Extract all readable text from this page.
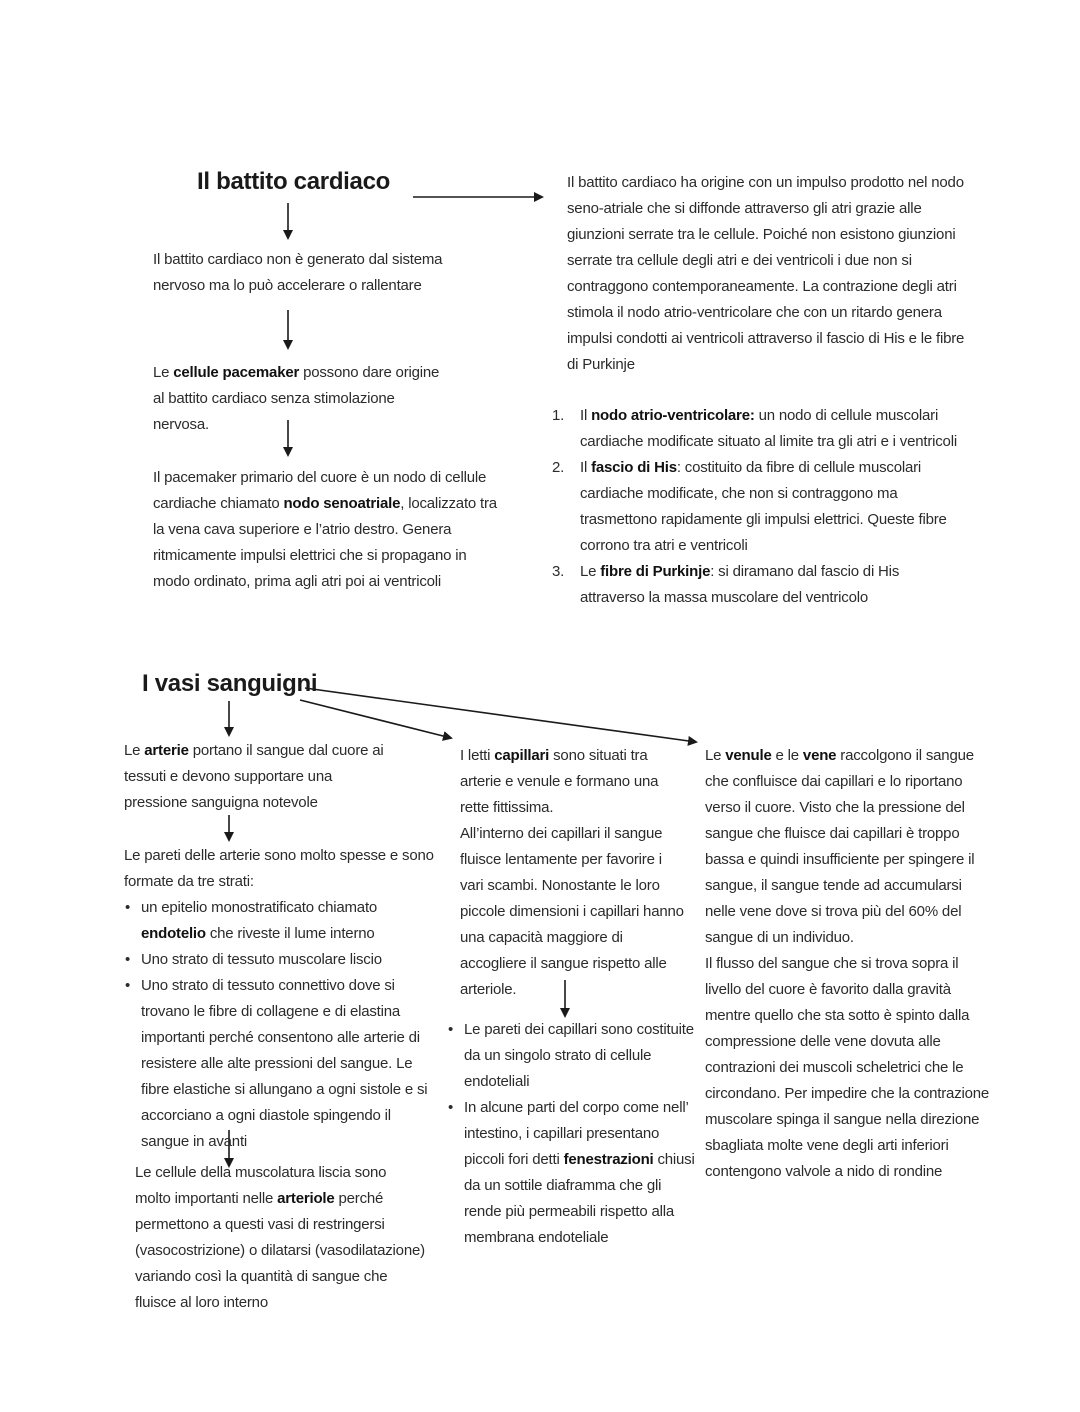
Il battito cardiaco
Il battito cardiaco non è generato dal sistema nervoso ma lo può accelerare o rallentare
Le cellule pacemaker possono dare origine al battito cardiaco senza stimolazione nervosa.
Il pacemaker primario del cuore è un nodo di cellule cardiache chiamato nodo senoatriale, localizzato tra la vena cava superiore e l’atrio destro. Genera ritmicamente impulsi elettrici che si propagano in modo ordinato, prima agli atri poi ai ventricoli
Il battito cardiaco ha origine con un impulso prodotto nel nodo seno-atriale che si diffonde attraverso gli atri grazie alle giunzioni serrate tra le cellule. Poiché non esistono giunzioni serrate tra cellule degli atri e dei ventricoli i due non si contraggono contemporaneamente. La contrazione degli atri stimola il nodo atrio-ventricolare che con un ritardo genera impulsi condotti ai ventricoli attraverso il fascio di His e le fibre di Purkinje
1. Il nodo atrio-ventricolare: un nodo di cellule muscolari cardiache modificate situato al limite tra gli atri e i ventricoli
2. Il fascio di His: costituito da fibre di cellule muscolari cardiache modificate, che non si contraggono ma trasmettono rapidamente gli impulsi elettrici. Queste fibre corrono tra atri e ventricoli
3. Le fibre di Purkinje: si diramano dal fascio di His attraverso la massa muscolare del ventricolo
I vasi sanguigni
Le arterie portano il sangue dal cuore ai tessuti e devono supportare una pressione sanguigna notevole
Le pareti delle arterie sono molto spesse e sono formate da tre strati:
• un epitelio monostratificato chiamato endotelio che riveste il lume interno
• Uno strato di tessuto muscolare liscio
• Uno strato di tessuto connettivo dove si trovano le fibre di collagene e di elastina importanti perché consentono alle arterie di resistere alle alte pressioni del sangue. Le fibre elastiche si allungano a ogni sistole e si accorciano a ogni diastole spingendo il sangue in avanti
Le cellule della muscolatura liscia sono molto importanti nelle arteriole perché permettono a questi vasi di restringersi (vasocostrizione) o dilatarsi (vasodilatazione) variando così la quantità di sangue che fluisce al loro interno
I letti capillari sono situati tra arterie e venule e formano una rette fittissima.
All’interno dei capillari il sangue fluisce lentamente per favorire i vari scambi. Nonostante le loro piccole dimensioni i capillari hanno una capacità maggiore di accogliere il sangue rispetto alle arteriole.
• Le pareti dei capillari sono costituite da un singolo strato di cellule endoteliali
• In alcune parti del corpo come nell’ intestino, i capillari presentano piccoli fori detti fenestrazioni chiusi da un sottile diaframma che gli rende più permeabili rispetto alla membrana endoteliale
Le venule e le vene raccolgono il sangue che confluisce dai capillari e lo riportano verso il cuore. Visto che la pressione del sangue che fluisce dai capillari è troppo bassa e quindi insufficiente per spingere il sangue, il sangue tende ad accumularsi nelle vene dove si trova più del 60% del sangue di un individuo.
Il flusso del sangue che si trova sopra il livello del cuore è favorito dalla gravità mentre quello che sta sotto è spinto dalla compressione delle vene dovuta alle contrazioni dei muscoli scheletrici che le circondano. Per impedire che la contrazione muscolare spinga il sangue nella direzione sbagliata molte vene degli arti inferiori contengono valvole a nido di rondine
